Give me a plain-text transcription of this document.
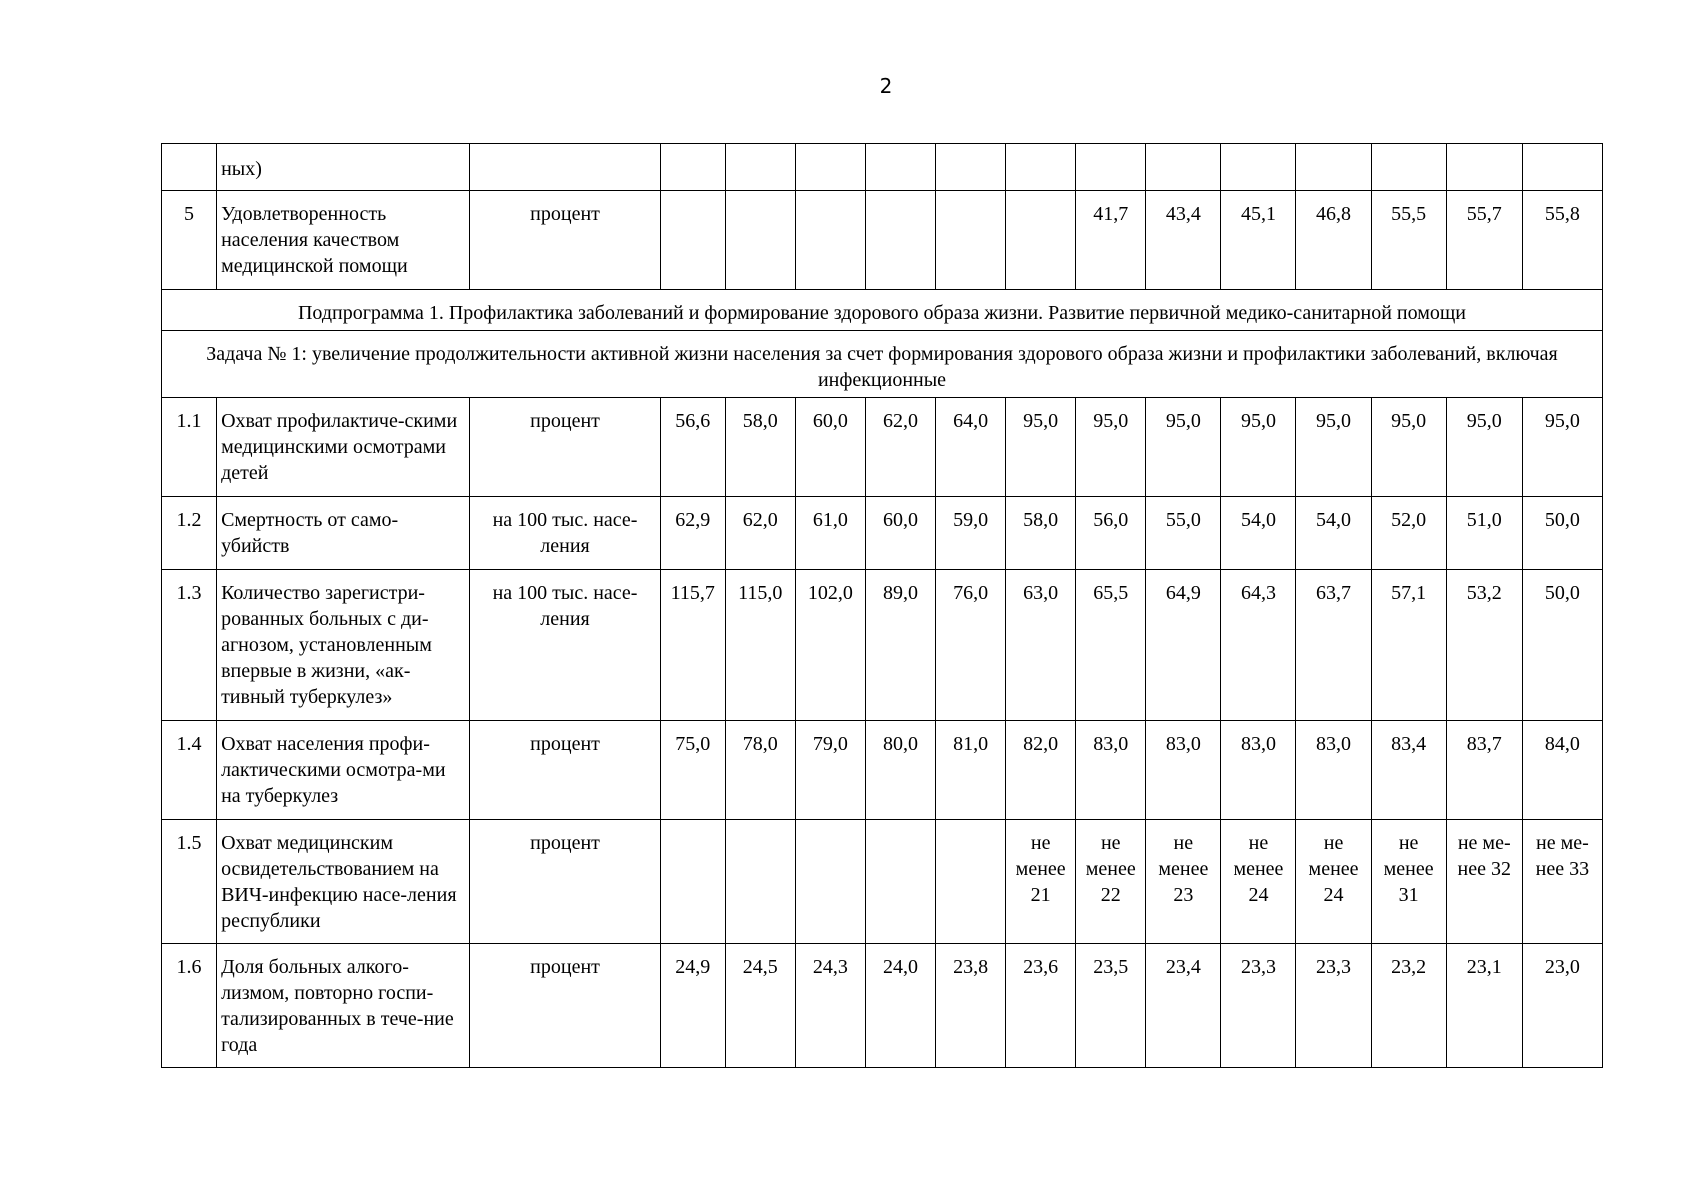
2
	ных)														
5	Удовлетворенность населения качеством медицинской помощи	процент							41,7	43,4	45,1	46,8	55,5	55,7	55,8
Подпрограмма 1. Профилактика заболеваний и формирование здорового образа жизни. Развитие первичной медико-санитарной помощи															
Задача № 1: увеличение продолжительности активной жизни населения за счет формирования здорового образа жизни и профилактики заболеваний, включая инфекционные															
1.1	Охват профилактиче-скими медицинскими осмотрами детей	процент	56,6	58,0	60,0	62,0	64,0	95,0	95,0	95,0	95,0	95,0	95,0	95,0	95,0
1.2	Смертность от само-убийств	на 100 тыс. насе-ления	62,9	62,0	61,0	60,0	59,0	58,0	56,0	55,0	54,0	54,0	52,0	51,0	50,0
1.3	Количество зарегистри-рованных больных с ди-агнозом, установленным впервые в жизни, «ак-тивный туберкулез»	на 100 тыс. насе-ления	115,7	115,0	102,0	89,0	76,0	63,0	65,5	64,9	64,3	63,7	57,1	53,2	50,0
1.4	Охват населения профи-лактическими осмотра-ми на туберкулез	процент	75,0	78,0	79,0	80,0	81,0	82,0	83,0	83,0	83,0	83,0	83,4	83,7	84,0
1.5	Охват медицинским освидетельствованием на ВИЧ-инфекцию насе-ления республики	процент						не менее 21	не менее 22	не менее 23	не менее 24	не менее 24	не менее 31	не ме-нее 32	не ме-нее 33
1.6	Доля больных алкого-лизмом, повторно госпи-тализированных в тече-ние года	процент	24,9	24,5	24,3	24,0	23,8	23,6	23,5	23,4	23,3	23,3	23,2	23,1	23,0
